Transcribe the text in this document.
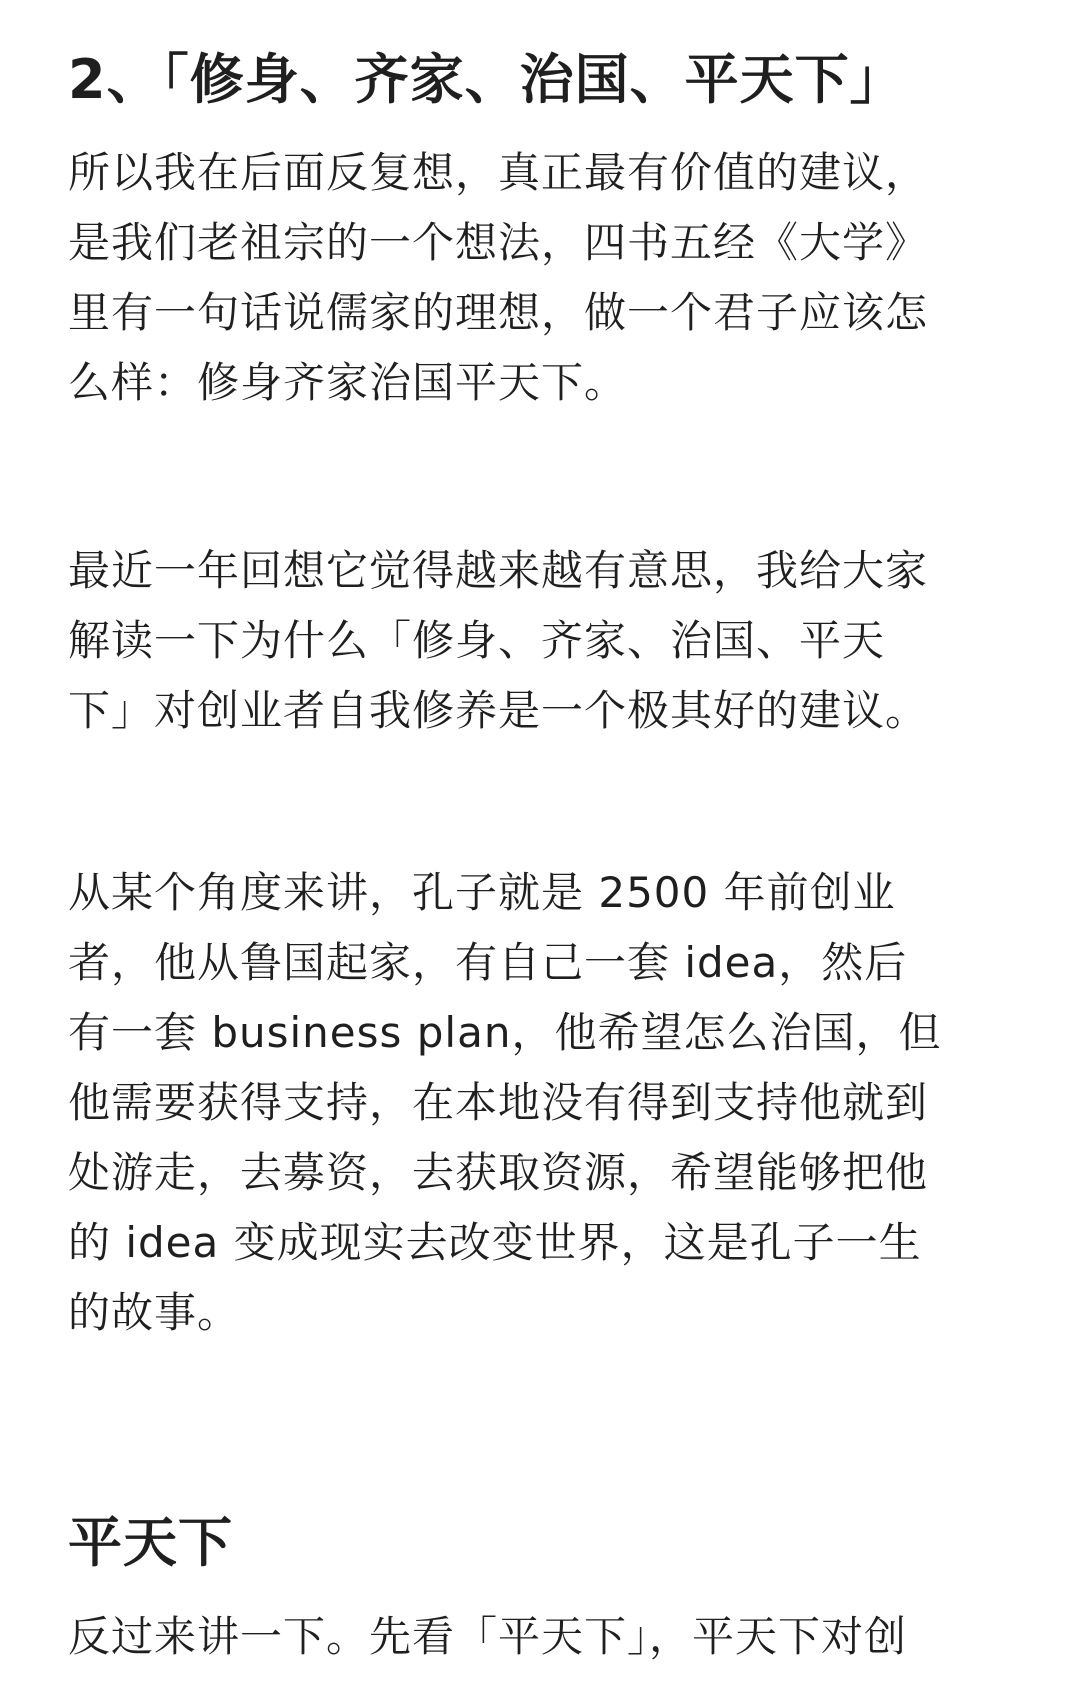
2、「修身、齐家、治国、平天下」

所以我在后面反复想，真正最有价值的建议，
是我们老祖宗的一个想法，四书五经《大学》
里有一句话说儒家的理想，做一个君子应该怎
么样：修身齐家治国平天下。

最近一年回想它觉得越来越有意思，我给大家
解读一下为什么「修身、齐家、治国、平天
下」对创业者自我修养是一个极其好的建议。

从某个角度来讲，孔子就是 2500 年前创业
者，他从鲁国起家，有自己一套 idea，然后
有一套 business plan，他希望怎么治国，但
他需要获得支持，在本地没有得到支持他就到
处游走，去募资，去获取资源，希望能够把他
的 idea 变成现实去改变世界，这是孔子一生
的故事。

平天下

反过来讲一下。先看「平天下」，平天下对创
